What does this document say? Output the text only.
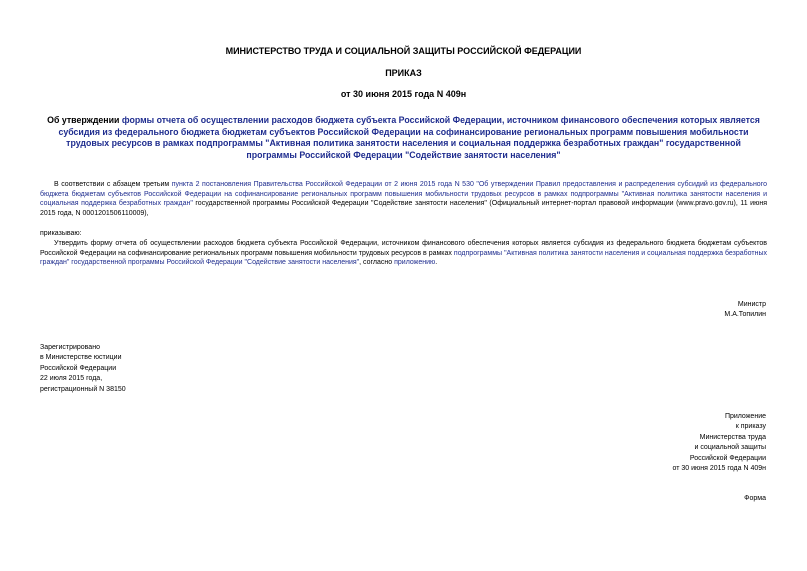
МИНИСТЕРСТВО ТРУДА И СОЦИАЛЬНОЙ ЗАЩИТЫ РОССИЙСКОЙ ФЕДЕРАЦИИ
ПРИКАЗ
от 30 июня 2015 года N 409н
Об утверждении формы отчета об осуществлении расходов бюджета субъекта Российской Федерации, источником финансового обеспечения которых является субсидия из федерального бюджета бюджетам субъектов Российской Федерации на софинансирование региональных программ повышения мобильности трудовых ресурсов в рамках подпрограммы "Активная политика занятости населения и социальная поддержка безработных граждан" государственной программы Российской Федерации "Содействие занятости населения"
В соответствии с абзацем третьим пункта 2 постановления Правительства Российской Федерации от 2 июня 2015 года N 530 "Об утверждении Правил предоставления и распределения субсидий из федерального бюджета бюджетам субъектов Российской Федерации на софинансирование региональных программ повышения мобильности трудовых ресурсов в рамках подпрограммы "Активная политика занятости населения и социальная поддержка безработных граждан" государственной программы Российской Федерации "Содействие занятости населения" (Официальный интернет-портал правовой информации (www.pravo.gov.ru), 11 июня 2015 года, N 0001201506110009),
приказываю:
Утвердить форму отчета об осуществлении расходов бюджета субъекта Российской Федерации, источником финансового обеспечения которых является субсидия из федерального бюджета бюджетам субъектов Российской Федерации на софинансирование региональных программ повышения мобильности трудовых ресурсов в рамках подпрограммы "Активная политика занятости населения и социальная поддержка безработных граждан" государственной программы Российской Федерации "Содействие занятости населения", согласно приложению.
Министр
М.А.Топилин
Зарегистрировано
в Министерстве юстиции
Российской Федерации
22 июля 2015 года,
регистрационный N 38150
Приложение
к приказу
Министерства труда
и социальной защиты
Российской Федерации
от 30 июня 2015 года N 409н
Форма
